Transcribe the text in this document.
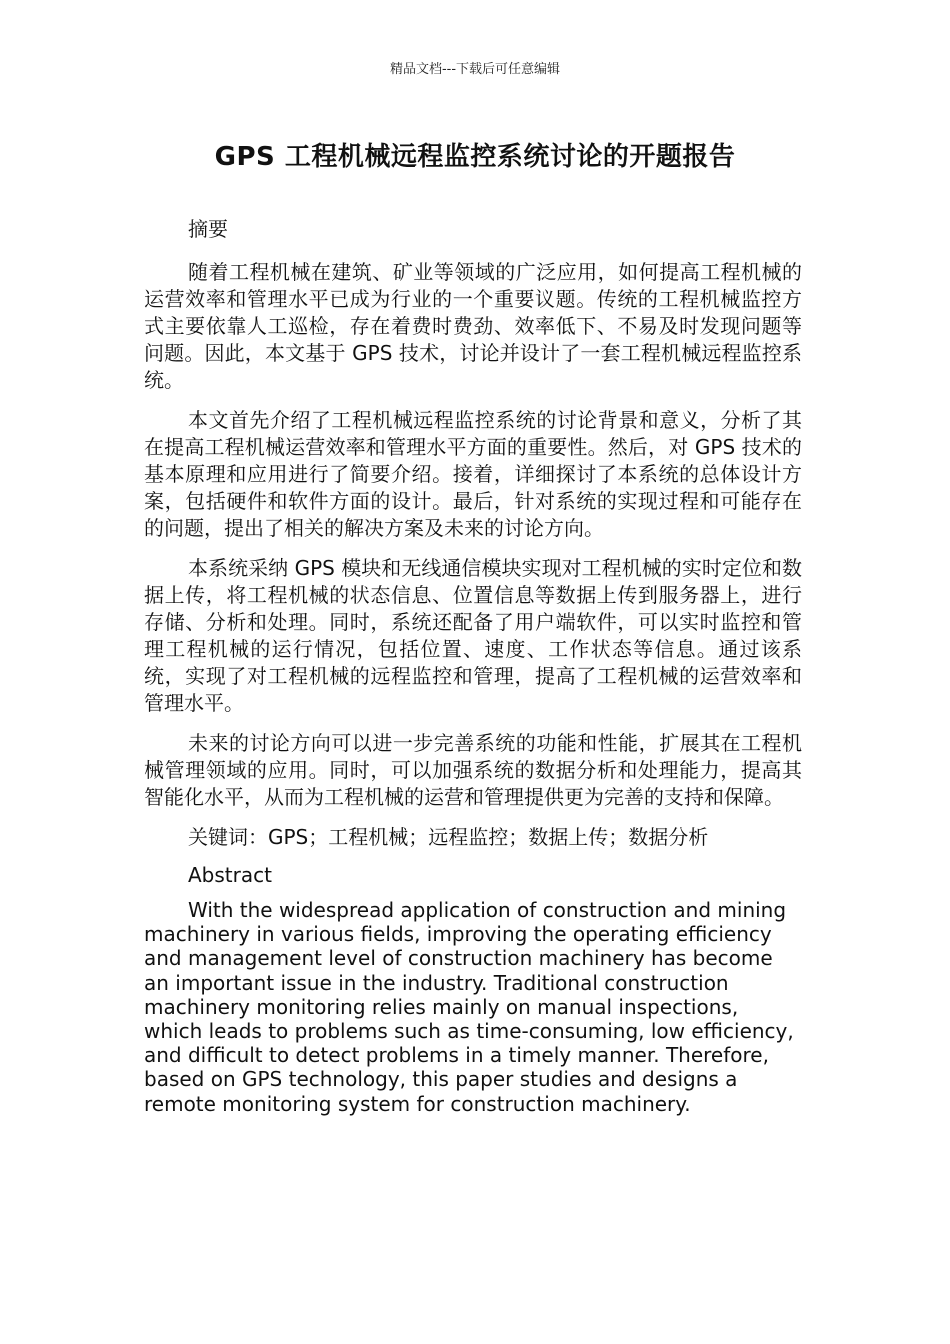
精品文档---下载后可任意编辑
GPS 工程机械远程监控系统讨论的开题报告

摘要

随着工程机械在建筑、矿业等领域的广泛应用，如何提高工程机械的运营效率和管理水平已成为行业的一个重要议题。传统的工程机械监控方式主要依靠人工巡检，存在着费时费劲、效率低下、不易及时发现问题等问题。因此，本文基于 GPS 技术，讨论并设计了一套工程机械远程监控系统。

本文首先介绍了工程机械远程监控系统的讨论背景和意义，分析了其在提高工程机械运营效率和管理水平方面的重要性。然后，对 GPS 技术的基本原理和应用进行了简要介绍。接着，详细探讨了本系统的总体设计方案，包括硬件和软件方面的设计。最后，针对系统的实现过程和可能存在的问题，提出了相关的解决方案及未来的讨论方向。

本系统采纳 GPS 模块和无线通信模块实现对工程机械的实时定位和数据上传，将工程机械的状态信息、位置信息等数据上传到服务器上，进行存储、分析和处理。同时，系统还配备了用户端软件，可以实时监控和管理工程机械的运行情况，包括位置、速度、工作状态等信息。通过该系统，实现了对工程机械的远程监控和管理，提高了工程机械的运营效率和管理水平。

未来的讨论方向可以进一步完善系统的功能和性能，扩展其在工程机械管理领域的应用。同时，可以加强系统的数据分析和处理能力，提高其智能化水平，从而为工程机械的运营和管理提供更为完善的支持和保障。

关键词：GPS；工程机械；远程监控；数据上传；数据分析

Abstract

With the widespread application of construction and mining machinery in various fields, improving the operating efficiency and management level of construction machinery has become an important issue in the industry. Traditional construction machinery monitoring relies mainly on manual inspections, which leads to problems such as time-consuming, low efficiency, and difficult to detect problems in a timely manner. Therefore, based on GPS technology, this paper studies and designs a remote monitoring system for construction machinery.
